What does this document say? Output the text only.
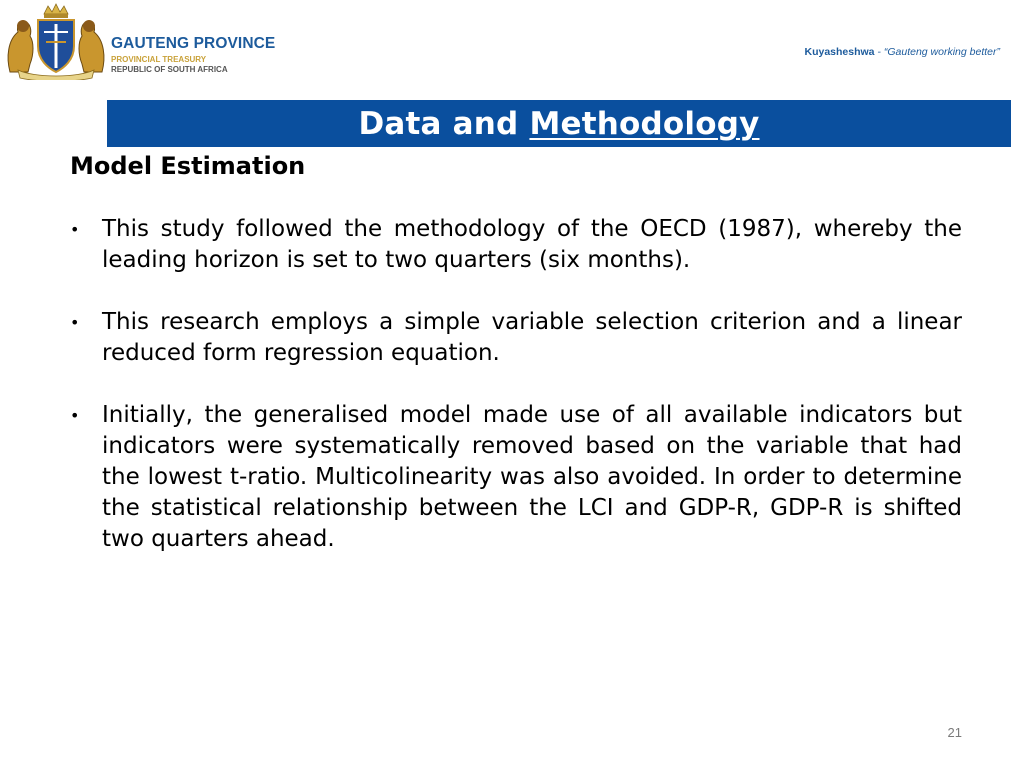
GAUTENG PROVINCE
PROVINCIAL TREASURY
REPUBLIC OF SOUTH AFRICA
Kuyasheshwa - “Gauteng working better”
Data and Methodology
Model Estimation
• This study followed the methodology of the OECD (1987), whereby the leading horizon is set to two quarters (six months).
• This research employs a simple variable selection criterion and a linear reduced form regression equation.
• Initially, the generalised model made use of all available indicators but indicators were systematically removed based on the variable that had the lowest t-ratio. Multicolinearity was also avoided. In order to determine the statistical relationship between the LCI and GDP-R, GDP-R is shifted two quarters ahead.
21
